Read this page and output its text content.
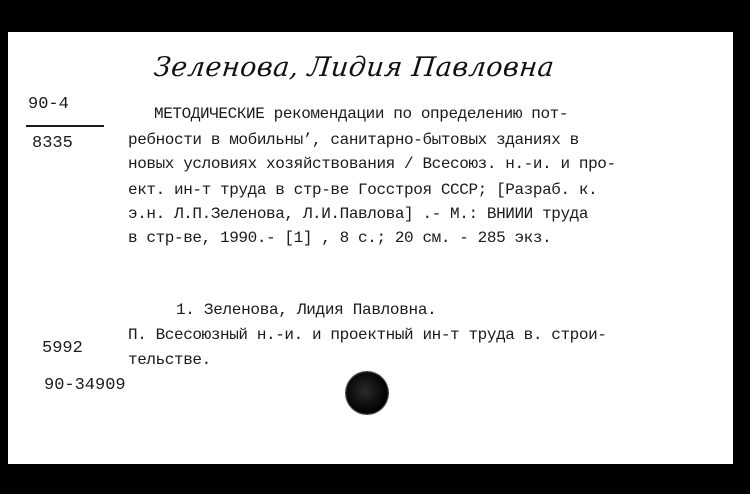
Зеленова, Лидия Павловна
90-4
8335
МЕТОДИЧЕСКИЕ рекомендации по определению пот-
ребности в мобильны’, санитарно-бытовых зданиях в
новых условиях хозяйствования / Всесоюз. н.-и. и про-
ект. ин-т труда в стр-ве Госстроя СССР; [Разраб. к.
э.н. Л.П.Зеленова, Л.И.Павлова] .- М.: ВНИИИ труда
в стр-ве, 1990.- [1] , 8 с.; 20 см. - 285 экз.
1. Зеленова, Лидия Павловна.
5992
П. Всесоюзный н.-и. и проектный ин-т труда в. строи-
тельстве.
90-34909
